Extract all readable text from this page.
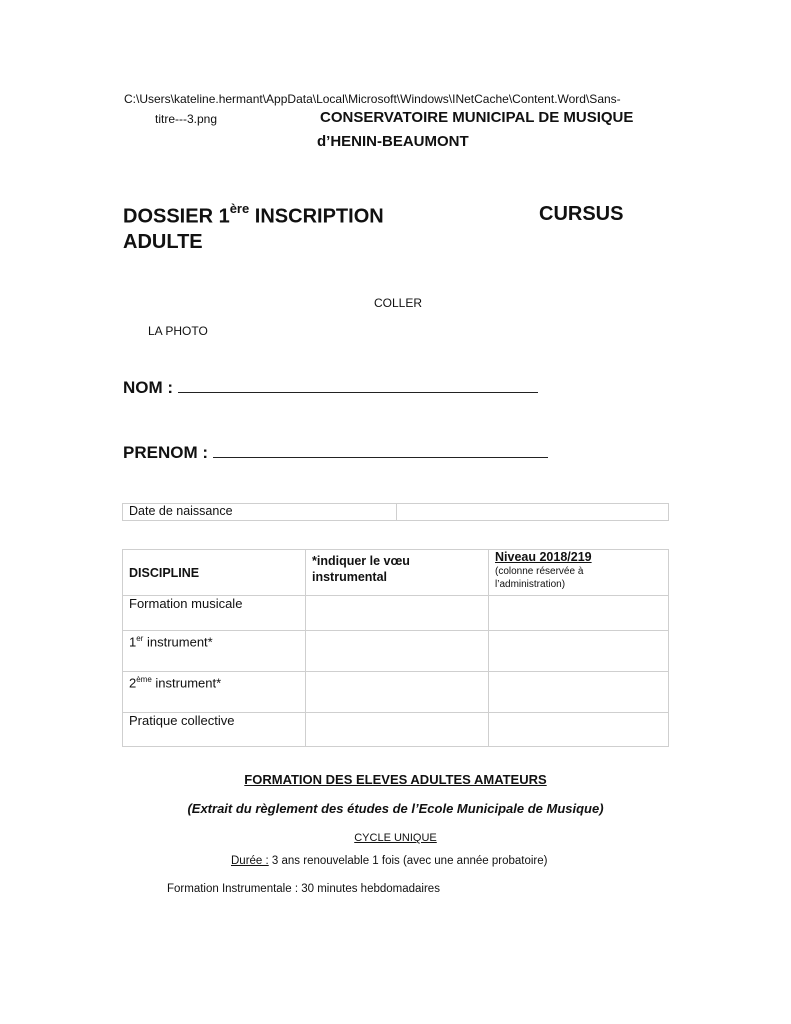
C:\Users\kateline.hermant\AppData\Local\Microsoft\Windows\INetCache\Content.Word\Sans-
titre---3.png	CONSERVATOIRE MUNICIPAL DE MUSIQUE
d’HENIN-BEAUMONT
DOSSIER 1ère INSCRIPTION	CURSUS
ADULTE
COLLER
LA PHOTO
NOM :
PRENOM :
Date de naissance	
DISCIPLINE	*indiquer le vœu instrumental	Niveau 2018/219
(colonne réservée à l’administration)

Formation musicale		
1er instrument*		
2ème instrument*		
Pratique collective		
FORMATION DES ELEVES ADULTES AMATEURS
(Extrait du règlement des études de l’Ecole Municipale de Musique)
CYCLE UNIQUE
Durée : 3 ans renouvelable 1 fois (avec une année probatoire)
Formation Instrumentale : 30 minutes hebdomadaires
